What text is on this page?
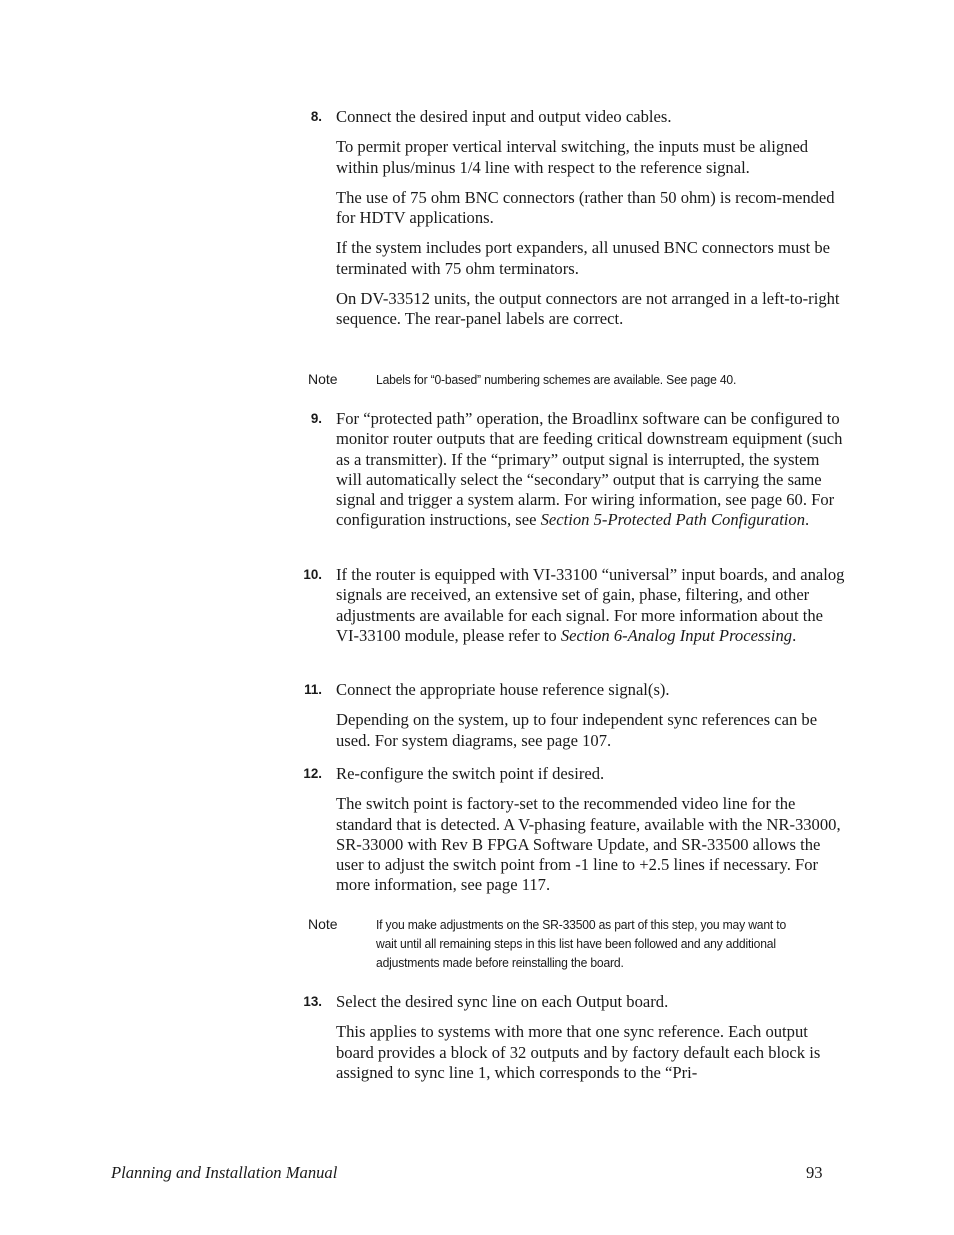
8. Connect the desired input and output video cables.

To permit proper vertical interval switching, the inputs must be aligned within plus/minus 1/4 line with respect to the reference signal.

The use of 75 ohm BNC connectors (rather than 50 ohm) is recom-mended for HDTV applications.

If the system includes port expanders, all unused BNC connectors must be terminated with 75 ohm terminators.

On DV-33512 units, the output connectors are not arranged in a left-to-right sequence. The rear-panel labels are correct.

Note	Labels for “0-based” numbering schemes are available. See page 40.
9. For “protected path” operation, the Broadlinx software can be configured to monitor router outputs that are feeding critical downstream equipment (such as a transmitter). If the “primary” output signal is interrupted, the system will automatically select the “secondary” output that is carrying the same signal and trigger a system alarm. For wiring information, see page 60. For configuration instructions, see Section 5-Protected Path Configuration.

10. If the router is equipped with VI-33100 “universal” input boards, and analog signals are received, an extensive set of gain, phase, filtering, and other adjustments are available for each signal. For more information about the VI-33100 module, please refer to Section 6-Analog Input Processing.

11. Connect the appropriate house reference signal(s).

Depending on the system, up to four independent sync references can be used. For system diagrams, see page 107.

12. Re-configure the switch point if desired.

The switch point is factory-set to the recommended video line for the standard that is detected. A V-phasing feature, available with the NR-33000, SR-33000 with Rev B FPGA Software Update, and SR-33500 allows the user to adjust the switch point from -1 line to +2.5 lines if necessary. For more information, see page 117.

Note	If you make adjustments on the SR-33500 as part of this step, you may want to wait until all remaining steps in this list have been followed and any additional adjustments made before reinstalling the board.
13. Select the desired sync line on each Output board.

This applies to systems with more that one sync reference. Each output board provides a block of 32 outputs and by factory default each block is assigned to sync line 1, which corresponds to the “Pri-

Planning and Installation Manual	93
